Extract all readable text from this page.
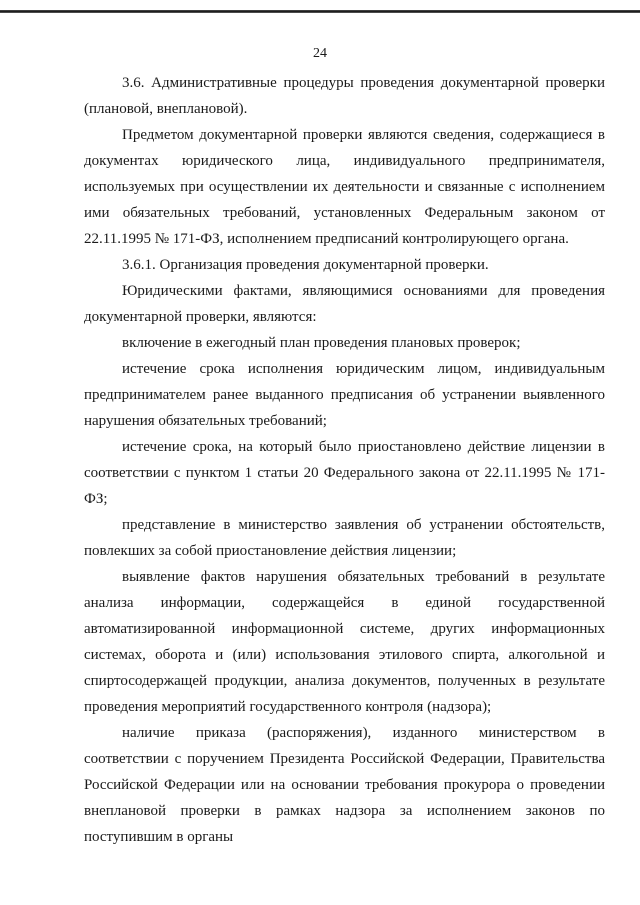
24

3.6. Административные процедуры проведения документарной проверки (плановой, внеплановой).

Предметом документарной проверки являются сведения, содержащиеся в документах юридического лица, индивидуального предпринимателя, используемых при осуществлении их деятельности и связанные с исполнением ими обязательных требований, установленных Федеральным законом от 22.11.1995 № 171-ФЗ, исполнением предписаний контролирующего органа.

3.6.1. Организация проведения документарной проверки.

Юридическими фактами, являющимися основаниями для проведения документарной проверки, являются:

включение в ежегодный план проведения плановых проверок;

истечение срока исполнения юридическим лицом, индивидуальным предпринимателем ранее выданного предписания об устранении выявленного нарушения обязательных требований;

истечение срока, на который было приостановлено действие лицензии в соответствии с пунктом 1 статьи 20 Федерального закона от 22.11.1995 № 171-ФЗ;

представление в министерство заявления об устранении обстоятельств, повлекших за собой приостановление действия лицензии;

выявление фактов нарушения обязательных требований в результате анализа информации, содержащейся в единой государственной автоматизированной информационной системе, других информационных системах, оборота и (или) использования этилового спирта, алкогольной и спиртосодержащей продукции, анализа документов, полученных в результате проведения мероприятий государственного контроля (надзора);

наличие приказа (распоряжения), изданного министерством в соответствии с поручением Президента Российской Федерации, Правительства Российской Федерации или на основании требования прокурора о проведении внеплановой проверки в рамках надзора за исполнением законов по поступившим в органы
